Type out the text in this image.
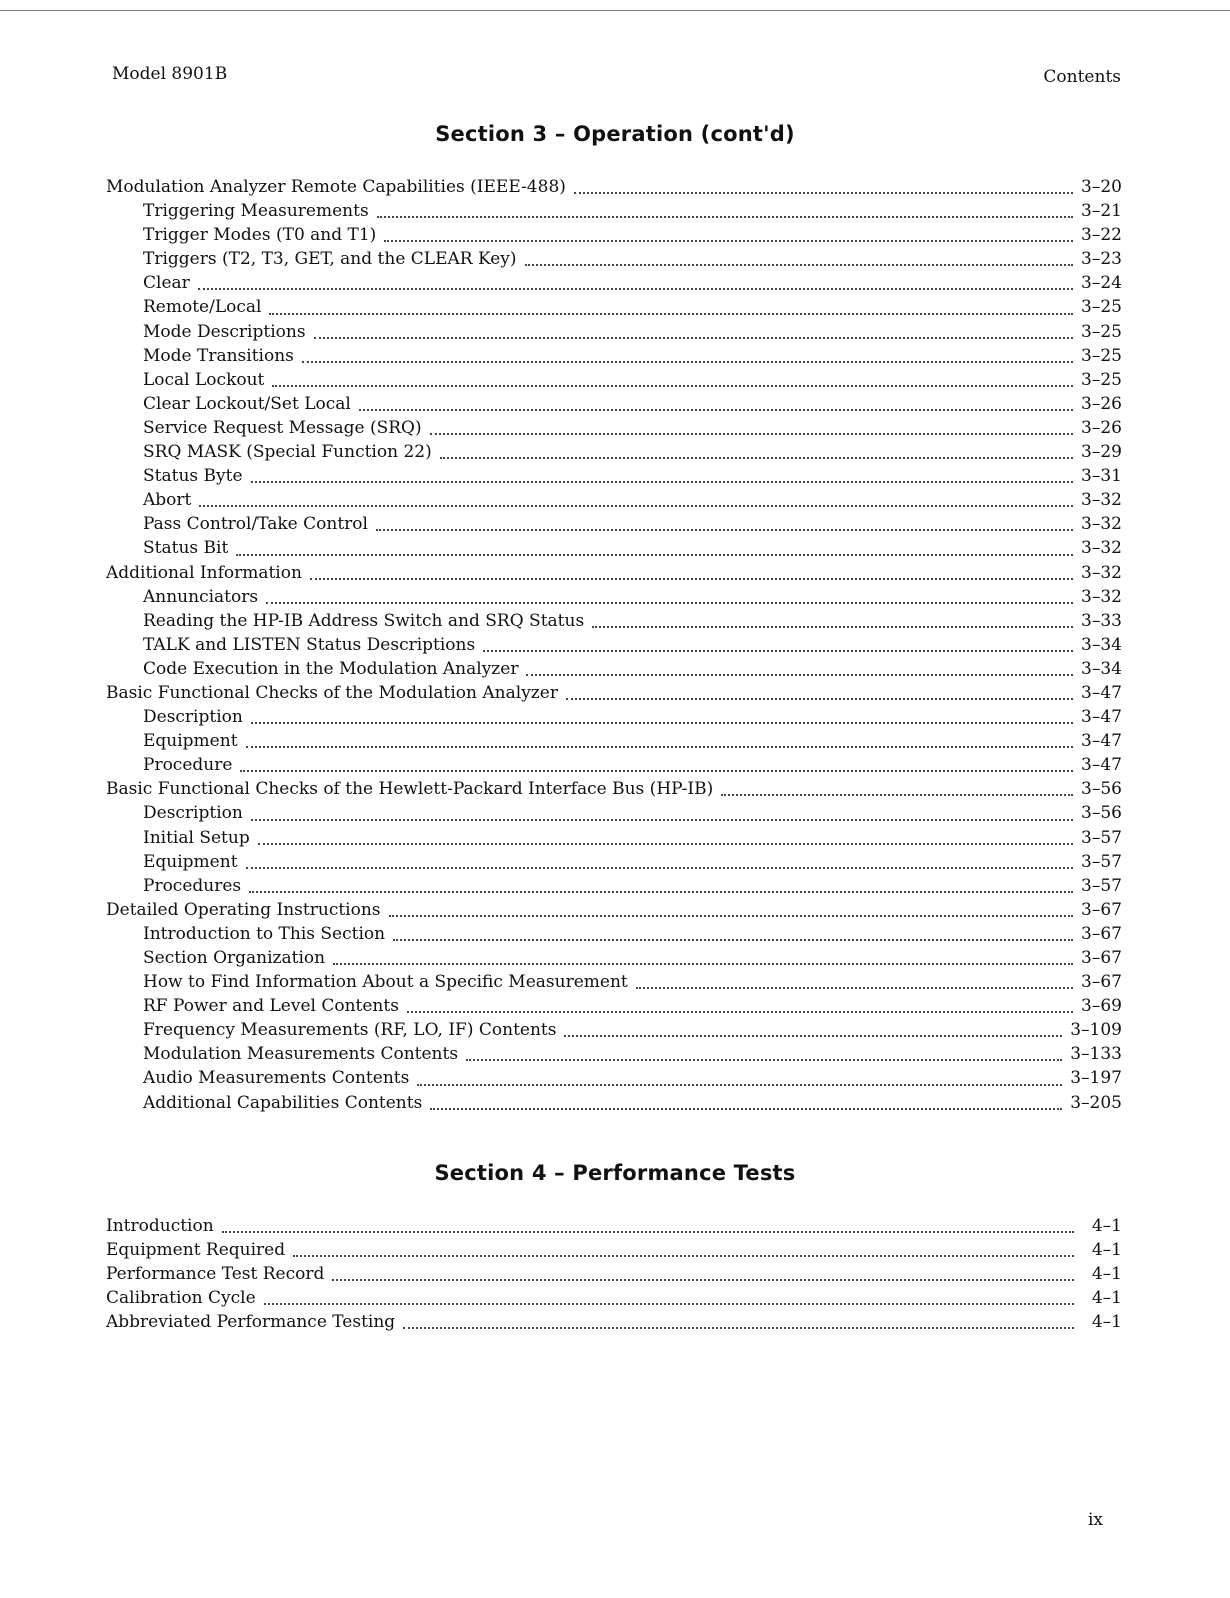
Model 8901B	Contents
Section 3 – Operation (cont'd)
Modulation Analyzer Remote Capabilities (IEEE-488)	3–20
Triggering Measurements	3–21
Trigger Modes (T0 and T1)	3–22
Triggers (T2, T3, GET, and the CLEAR Key)	3–23
Clear	3–24
Remote/Local	3–25
Mode Descriptions	3–25
Mode Transitions	3–25
Local Lockout	3–25
Clear Lockout/Set Local	3–26
Service Request Message (SRQ)	3–26
SRQ MASK (Special Function 22)	3–29
Status Byte	3–31
Abort	3–32
Pass Control/Take Control	3–32
Status Bit	3–32
Additional Information	3–32
Annunciators	3–32
Reading the HP-IB Address Switch and SRQ Status	3–33
TALK and LISTEN Status Descriptions	3–34
Code Execution in the Modulation Analyzer	3–34
Basic Functional Checks of the Modulation Analyzer	3–47
Description	3–47
Equipment	3–47
Procedure	3–47
Basic Functional Checks of the Hewlett-Packard Interface Bus (HP-IB)	3–56
Description	3–56
Initial Setup	3–57
Equipment	3–57
Procedures	3–57
Detailed Operating Instructions	3–67
Introduction to This Section	3–67
Section Organization	3–67
How to Find Information About a Specific Measurement	3–67
RF Power and Level Contents	3–69
Frequency Measurements (RF, LO, IF) Contents	3–109
Modulation Measurements Contents	3–133
Audio Measurements Contents	3–197
Additional Capabilities Contents	3–205
Section 4 – Performance Tests
Introduction	4–1
Equipment Required	4–1
Performance Test Record	4–1
Calibration Cycle	4–1
Abbreviated Performance Testing	4–1
ix
